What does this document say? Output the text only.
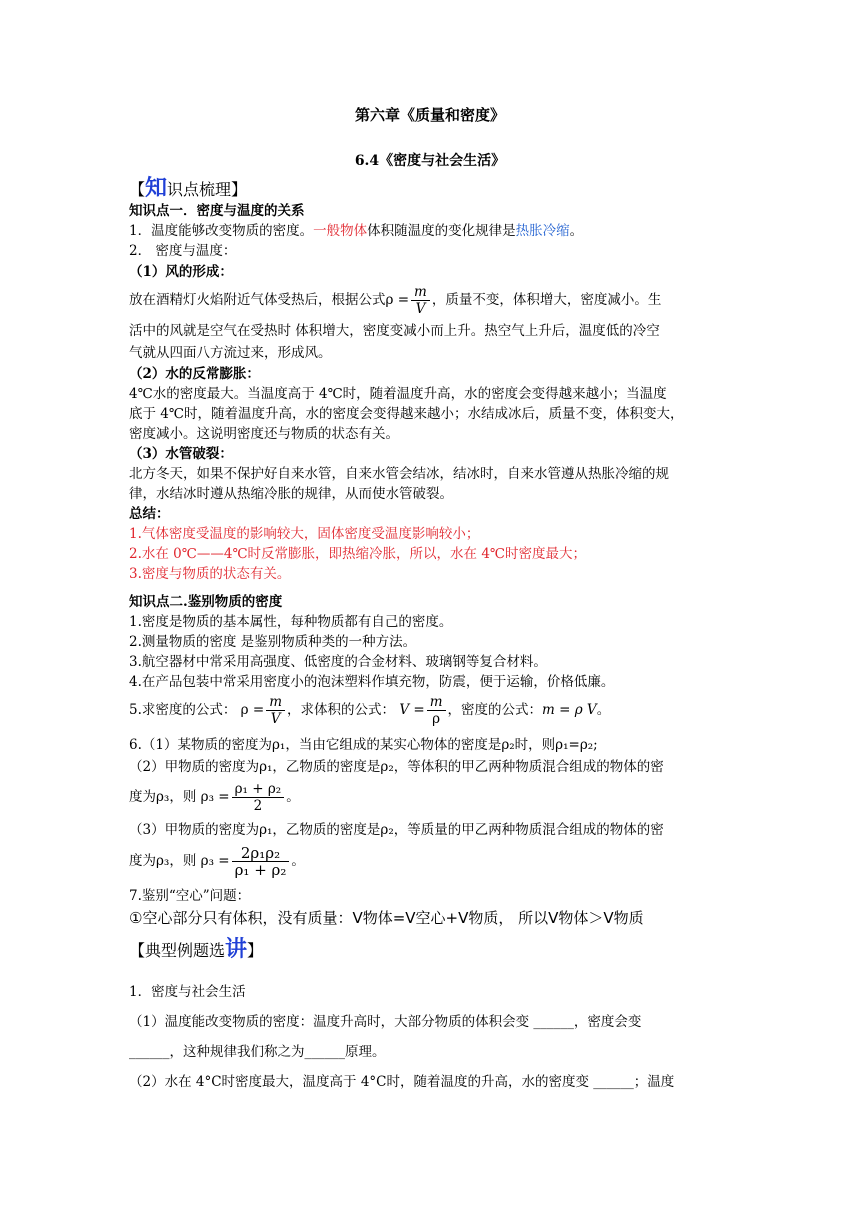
第六章《质量和密度》
6.4《密度与社会生活》
【知识点梳理】
知识点一．密度与温度的关系
1．温度能够改变物质的密度。一般物体体积随温度的变化规律是热胀冷缩。
2． 密度与温度：
（1）风的形成：
放在酒精灯火焰附近气体受热后，根据公式$\rho = \frac{m}{V}$ ，质量不变，体积增大，密度减小。生
活中的风就是空气在受热时 体积增大，密度变减小而上升。热空气上升后，温度低的冷空
气就从四面八方流过来，形成风。
（2）水的反常膨胀：
4℃水的密度最大。当温度高于 4℃时，随着温度升高，水的密度会变得越来越小；当温度
底于 4℃时，随着温度升高，水的密度会变得越来越小；水结成冰后，质量不变，体积变大，
密度减小。这说明密度还与物质的状态有关。
（3）水管破裂：
北方冬天，如果不保护好自来水管，自来水管会结冰，结冰时，自来水管遵从热胀冷缩的规
律，水结冰时遵从热缩冷胀的规律，从而使水管破裂。
总结：
1.气体密度受温度的影响较大，固体密度受温度影响较小；
2.水在 0℃——4℃时反常膨胀，即热缩冷胀，所以，水在 4℃时密度最大；
3.密度与物质的状态有关。
知识点二.鉴别物质的密度
1.密度是物质的基本属性，每种物质都有自己的密度。
2.测量物质的密度 是鉴别物质种类的一种方法。
3.航空器材中常采用高强度、低密度的合金材料、玻璃钢等复合材料。
4.在产品包装中常采用密度小的泡沫塑料作填充物，防震，便于运输，价格低廉。
5.求密度的公式： $\rho = \frac{m}{V}$ ，求体积的公式： $V = \frac{m}{\rho}$ ，密度的公式：m = ρ V。
6.（1）某物质的密度为ρ₁，当由它组成的某实心物体的密度是ρ₂时，则ρ₁=ρ₂;
（2）甲物质的密度为ρ₁，乙物质的密度是ρ₂，等体积的甲乙两种物质混合组成的物体的密
度为ρ₃，则 $\rho_3 = \frac{\text{ρ₁ + ρ₂}}{2}$ 。
（3）甲物质的密度为ρ₁，乙物质的密度是ρ₂，等质量的甲乙两种物质混合组成的物体的密
度为ρ₃，则 $\rho_3 = \frac{\text{2ρ₁ρ₂}}{\text{ρ₁ + ρ₂}}$ 。
7.鉴别“空心”问题：
①空心部分只有体积，没有质量：V物体=V空心+V物质， 所以V物体＞V物质
【典型例题选讲】
1．密度与社会生活
（1）温度能改变物质的密度：温度升高时，大部分物质的体积会变 ______，密度会变
______，这种规律我们称之为______原理。
（2）水在 4°C时密度最大，温度高于 4°C时，随着温度的升高，水的密度变 ______；温度
